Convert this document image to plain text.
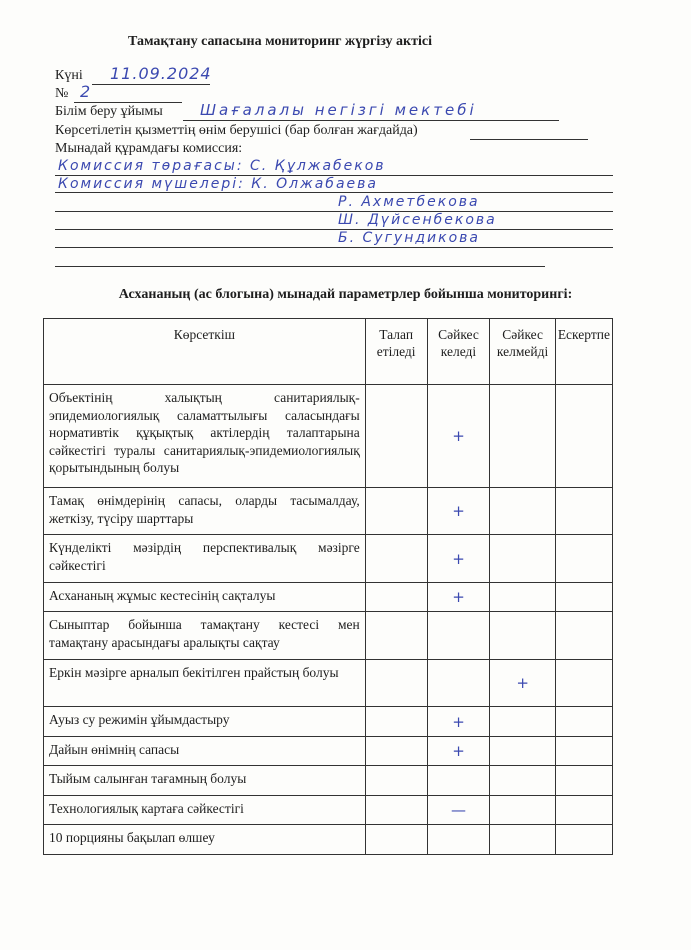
Тамақтану сапасына мониторинг жүргізу актісі
Күні 11.09.2024
№ 2
Білім беру ұйымы Шағалалы негізгі мектебі
Көрсетілетін қызметтің өнім берушісі (бар болған жағдайда)
Мынадай құрамдағы комиссия:
Комиссия төрағасы: С. Құлжабеков
Комиссия мүшелері: К. Олжабаева
Р. Ахметбекова
Ш. Дүйсенбекова
Б. Сугундикова
Асхананың (ас блогына) мынадай параметрлер бойынша мониторингі:
Көрсеткіш	Талап етіледі	Сәйкес келеді	Сәйкес келмейді	Ескертпе
Объектінің халықтың санитариялық-эпидемиологиялық саламаттылығы саласындағы нормативтік құқықтық актілердің талаптарына сәйкестігі туралы санитариялық-эпидемиологиялық қорытындының болуы		+		
Тамақ өнімдерінің сапасы, оларды тасымалдау, жеткізу, түсіру шарттары		+		
Күнделікті мәзірдің перспективалық мәзірге сәйкестігі		+		
Асхананың жұмыс кестесінің сақталуы		+		
Сыныптар бойынша тамақтану кестесі мен тамақтану арасындағы аралықты сақтау				
Еркін мәзірге арналып бекітілген прайстың болуы			+	
Ауыз су режимін ұйымдастыру		+		
Дайын өнімнің сапасы		+		
Тыйым салынған тағамның болуы				
Технологиялық картаға сәйкестігі		—		
10 порцияны бақылап өлшеу				
